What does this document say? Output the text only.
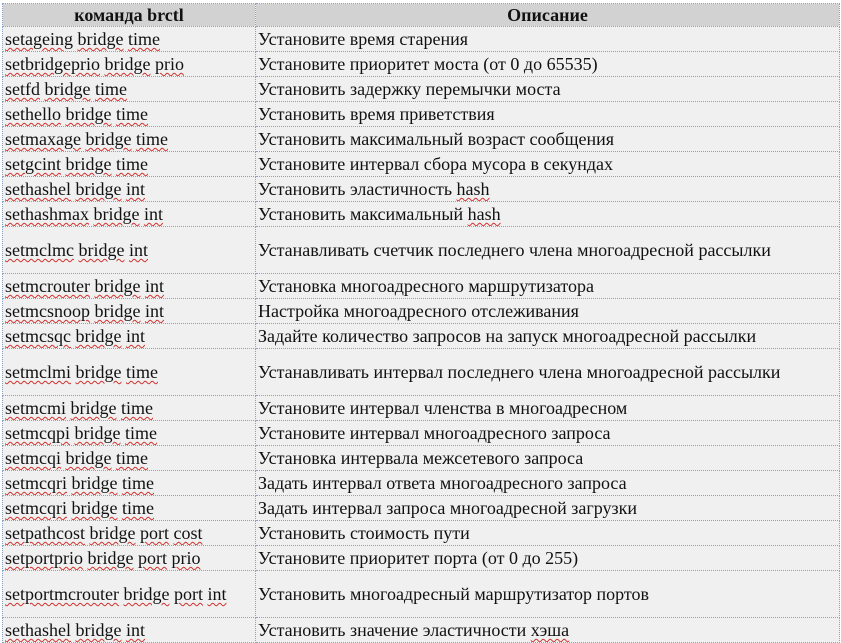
команда brctl	Описание
setageing bridge time	Установите время старения
setbridgeprio bridge prio	Установите приоритет моста (от 0 до 65535)
setfd bridge time	Установить задержку перемычки моста
sethello bridge time	Установить время приветствия
setmaxage bridge time	Установить максимальный возраст сообщения
setgcint bridge time	Установите интервал сбора мусора в секундах
sethashel bridge int	Установить эластичность hash
sethashmax bridge int	Установить максимальный hash
setmclmc bridge int	Устанавливать счетчик последнего члена многоадресной рассылки
setmcrouter bridge int	Установка многоадресного маршрутизатора
setmcsnoop bridge int	Настройка многоадресного отслеживания
setmcsqc bridge int	Задайте количество запросов на запуск многоадресной рассылки
setmclmi bridge time	Устанавливать интервал последнего члена многоадресной рассылки
setmcmi bridge time	Установите интервал членства в многоадресном
setmcqpi bridge time	Установите интервал многоадресного запроса
setmcqi bridge time	Установка интервала межсетевого запроса
setmcqri bridge time	Задать интервал ответа многоадресного запроса
setmcqri bridge time	Задать интервал запроса многоадресной загрузки
setpathcost bridge port cost	Установить стоимость пути
setportprio bridge port prio	Установите приоритет порта (от 0 до 255)
setportmcrouter bridge port int	Установить многоадресный маршрутизатор портов
sethashel bridge int	Установить значение эластичности хэша
